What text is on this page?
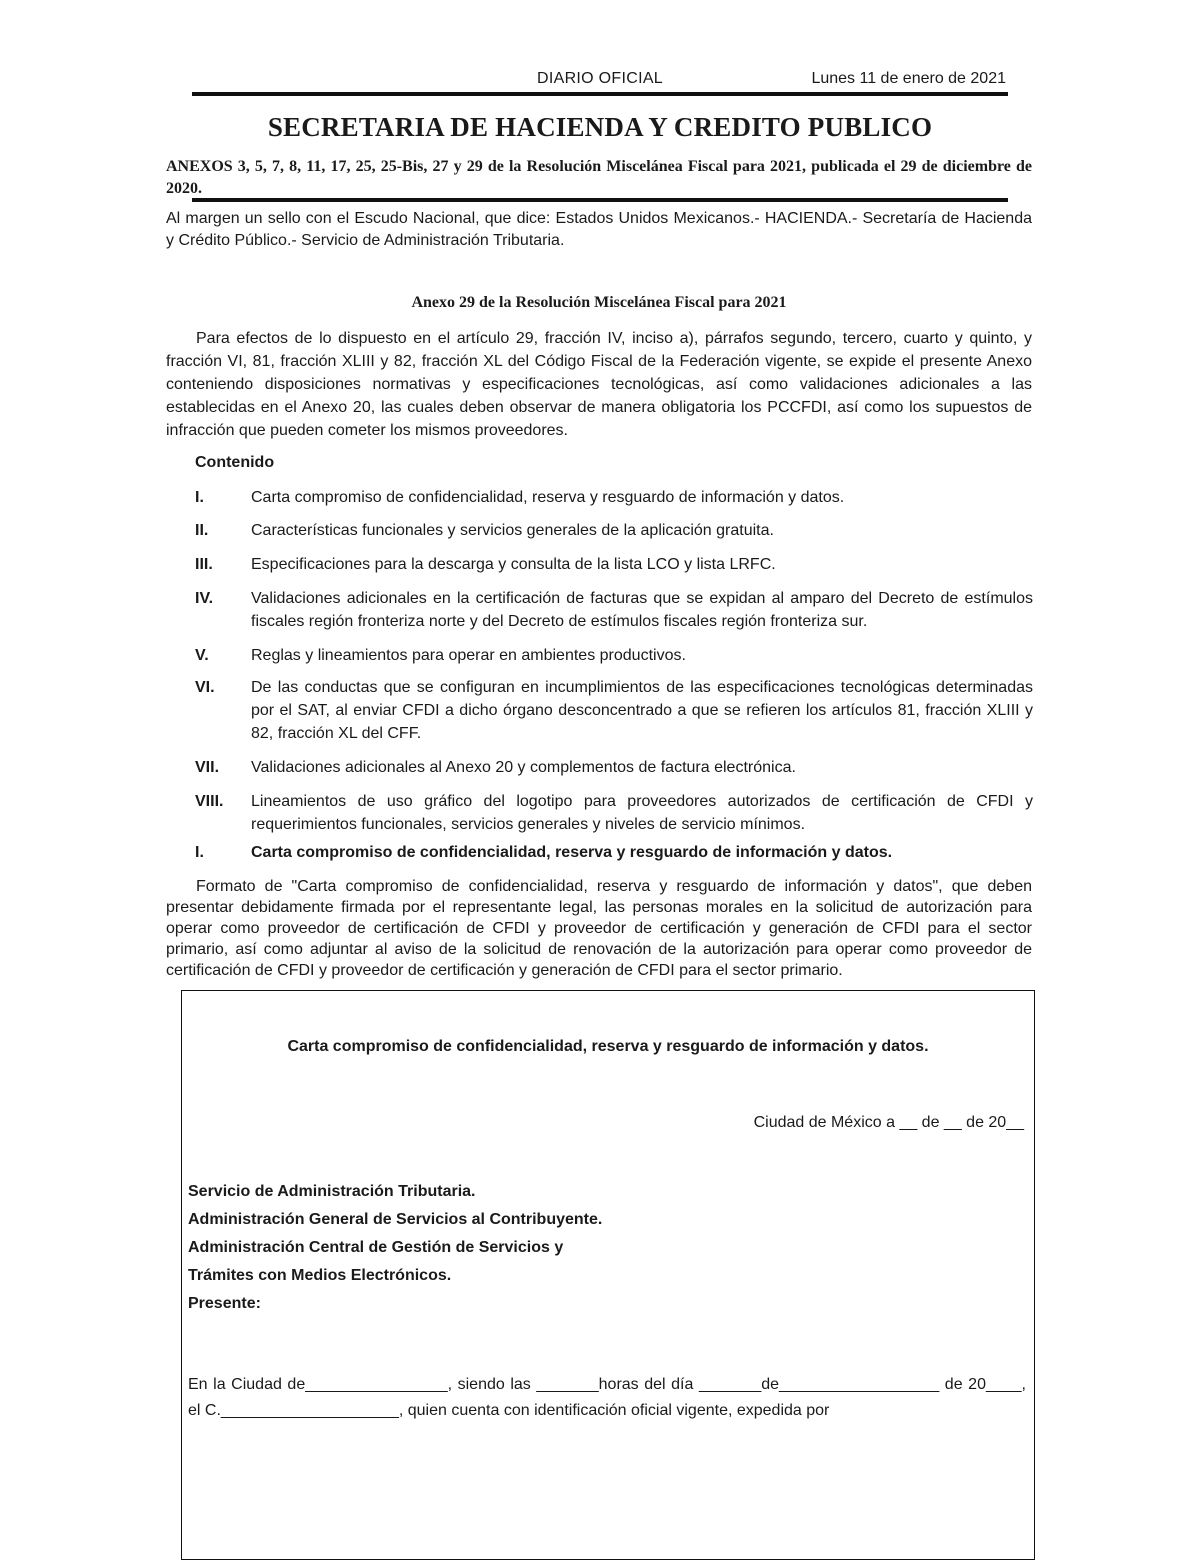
DIARIO OFICIAL	Lunes 11 de enero de 2021
SECRETARIA DE HACIENDA Y CREDITO PUBLICO
ANEXOS 3, 5, 7, 8, 11, 17, 25, 25-Bis, 27 y 29 de la Resolución Miscelánea Fiscal para 2021, publicada el 29 de diciembre de 2020.
Al margen un sello con el Escudo Nacional, que dice: Estados Unidos Mexicanos.- HACIENDA.- Secretaría de Hacienda y Crédito Público.- Servicio de Administración Tributaria.
Anexo 29 de la Resolución Miscelánea Fiscal para 2021
Para efectos de lo dispuesto en el artículo 29, fracción IV, inciso a), párrafos segundo, tercero, cuarto y quinto, y fracción VI, 81, fracción XLIII y 82, fracción XL del Código Fiscal de la Federación vigente, se expide el presente Anexo conteniendo disposiciones normativas y especificaciones tecnológicas, así como validaciones adicionales a las establecidas en el Anexo 20, las cuales deben observar de manera obligatoria los PCCFDI, así como los supuestos de infracción que pueden cometer los mismos proveedores.
Contenido
I.	Carta compromiso de confidencialidad, reserva y resguardo de información y datos.
II.	Características funcionales y servicios generales de la aplicación gratuita.
III.	Especificaciones para la descarga y consulta de la lista LCO y lista LRFC.
IV.	Validaciones adicionales en la certificación de facturas que se expidan al amparo del Decreto de estímulos fiscales región fronteriza norte y del Decreto de estímulos fiscales región fronteriza sur.
V.	Reglas y lineamientos para operar en ambientes productivos.
VI.	De las conductas que se configuran en incumplimientos de las especificaciones tecnológicas determinadas por el SAT, al enviar CFDI a dicho órgano desconcentrado a que se refieren los artículos 81, fracción XLIII y 82, fracción XL del CFF.
VII.	Validaciones adicionales al Anexo 20 y complementos de factura electrónica.
VIII.	Lineamientos de uso gráfico del logotipo para proveedores autorizados de certificación de CFDI y requerimientos funcionales, servicios generales y niveles de servicio mínimos.
I.	Carta compromiso de confidencialidad, reserva y resguardo de información y datos.
Formato de "Carta compromiso de confidencialidad, reserva y resguardo de información y datos", que deben presentar debidamente firmada por el representante legal, las personas morales en la solicitud de autorización para operar como proveedor de certificación de CFDI y proveedor de certificación y generación de CFDI para el sector primario, así como adjuntar al aviso de la solicitud de renovación de la autorización para operar como proveedor de certificación de CFDI y proveedor de certificación y generación de CFDI para el sector primario.
Carta compromiso de confidencialidad, reserva y resguardo de información y datos.
Ciudad de México a __ de __ de 20__
Servicio de Administración Tributaria.
Administración General de Servicios al Contribuyente.
Administración Central de Gestión de Servicios y
Trámites con Medios Electrónicos.
Presente:
En la Ciudad de________________, siendo las _______horas del día _______de__________________ de 20____, el C.____________________, quien cuenta con identificación oficial vigente, expedida por
